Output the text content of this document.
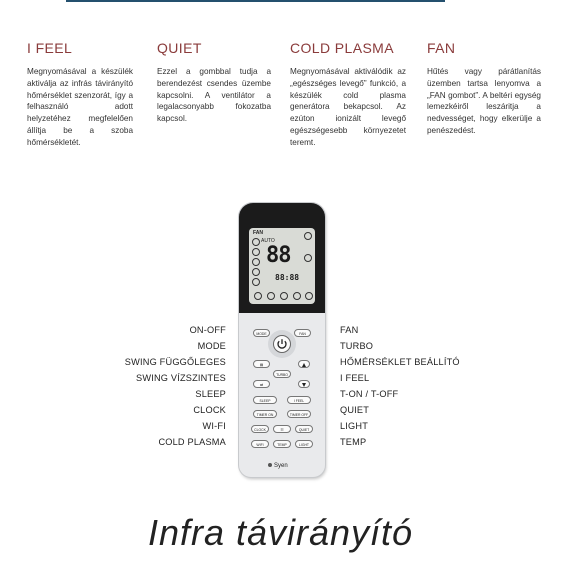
I FEEL

Megnyomásával a készülék aktiválja az infrás távirányító hőmérséklet szenzorát, így a felhasználó adott helyzetéhez megfelelően állítja be a szoba hőmérsékletét.

QUIET

Ezzel a gombbal tudja a berendezést csendes üzembe kapcsolni. A ventilátor a legalacsonyabb fokozatba kapcsol.

COLD PLASMA

Megnyomásával aktiválódik az „egészséges levegő” funkció, a készülék cold plasma generátora bekapcsol. Az ezúton ionizált levegő egészségesebb környezetet teremt.

FAN

Hűtés vagy párátlanítás üzemben tartsa lenyomva a „FAN gombot”. A beltéri egység lemezkéiről leszáritja a nedvességet, hogy elkerülje a penészedést.

ON-OFF
MODE
SWING FÜGGŐLEGES
SWING VÍZSZINTES
SLEEP
CLOCK
WI-FI
COLD PLASMA
FAN
TURBO
HŐMÉRSÉKLET BEÁLLÍTÓ
I FEEL
T-ON / T-OFF
QUIET
LIGHT
TEMP
FAN
AUTO
88
88:88
MODE	FAN
▤
TURBO
⇄
SLEEP	I FEEL
TIMER ON	TIMER OFF
CLOCK	☷	QUIET
WIFI	TEMP	LIGHT
Syen
Infra távirányító
